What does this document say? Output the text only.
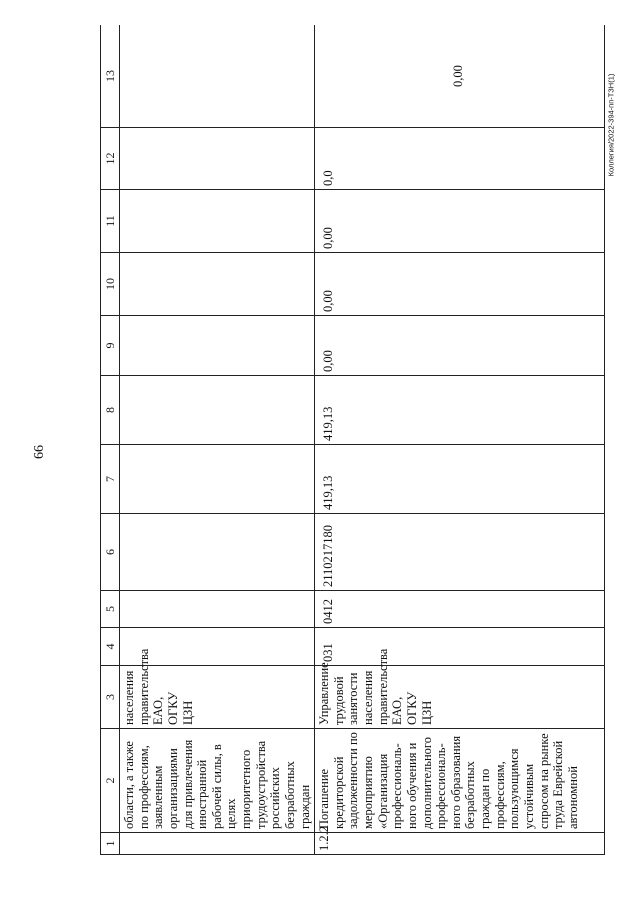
66
Коллегия/2022-394-пп-ТЗН(1)
1	2	3	4	5	6	7	8	9	10	11	12	13
	области, а также по профессиям, заявленным организациями для привлечения иностранной рабочей силы, в целях приоритетного трудоустройства российских безработных граждан	населения правительства ЕАО, ОГКУ ЦЗН										
1.2.2	Погашение кредиторской задолженности по мероприятию «Организация профессиональ-ного обучения и дополнительного профессиональ-ного образования безработных граждан по профессиям, пользующимся устойчивым спросом на рынке труда Еврейской автономной	Управление трудовой занятости населения правительства ЕАО, ОГКУ ЦЗН	031	0412	2110217180	419,13	419,13	0,00	0,00	0,00	0,0	0,00
